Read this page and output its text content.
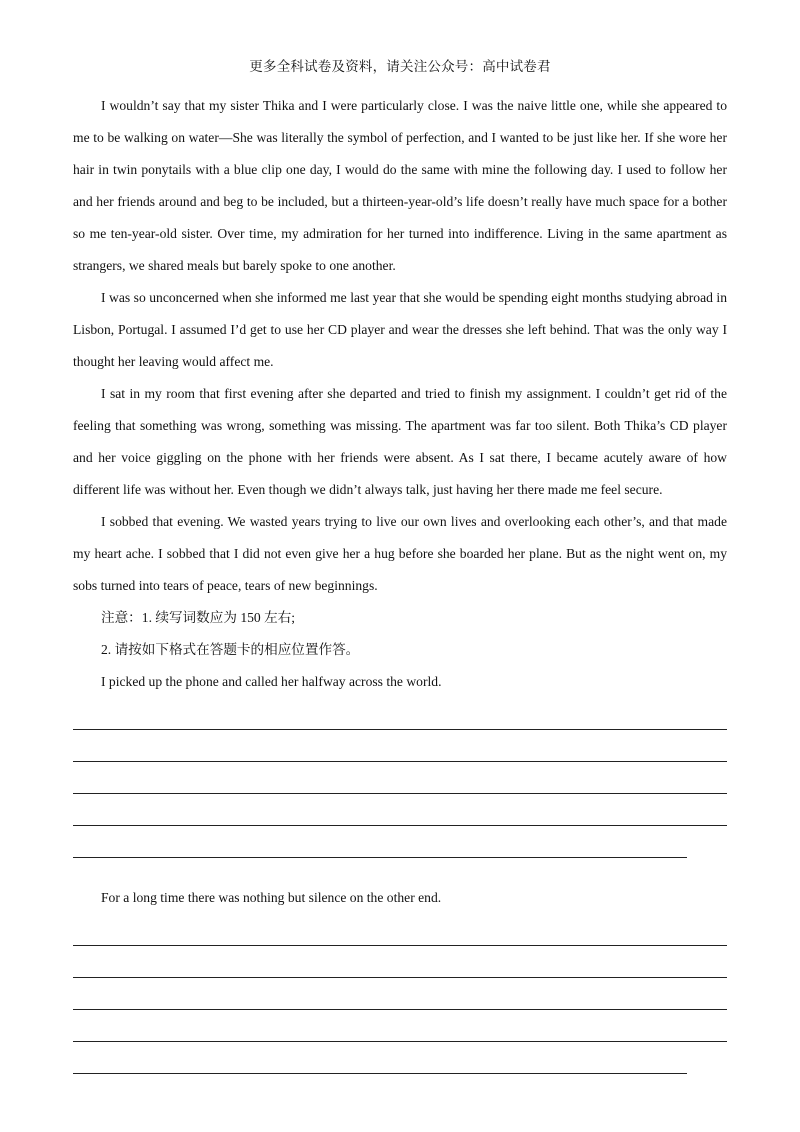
更多全科试卷及资料，请关注公众号：高中试卷君

I wouldn’t say that my sister Thika and I were particularly close. I was the naive little one, while she appeared to me to be walking on water—She was literally the symbol of perfection, and I wanted to be just like her. If she wore her hair in twin ponytails with a blue clip one day, I would do the same with mine the following day. I used to follow her and her friends around and beg to be included, but a thirteen-year-old’s life doesn’t really have much space for a bother so me ten-year-old sister. Over time, my admiration for her turned into indifference. Living in the same apartment as strangers, we shared meals but barely spoke to one another.

I was so unconcerned when she informed me last year that she would be spending eight months studying abroad in Lisbon, Portugal. I assumed I’d get to use her CD player and wear the dresses she left behind. That was the only way I thought her leaving would affect me.

I sat in my room that first evening after she departed and tried to finish my assignment. I couldn’t get rid of the feeling that something was wrong, something was missing. The apartment was far too silent. Both Thika’s CD player and her voice giggling on the phone with her friends were absent. As I sat there, I became acutely aware of how different life was without her. Even though we didn’t always talk, just having her there made me feel secure.

I sobbed that evening. We wasted years trying to live our own lives and overlooking each other’s, and that made my heart ache. I sobbed that I did not even give her a hug before she boarded her plane. But as the night went on, my sobs turned into tears of peace, tears of new beginnings.

注意：1. 续写词数应为 150 左右;

2. 请按如下格式在答题卡的相应位置作答。

I picked up the phone and called her halfway across the world.

For a long time there was nothing but silence on the other end.
